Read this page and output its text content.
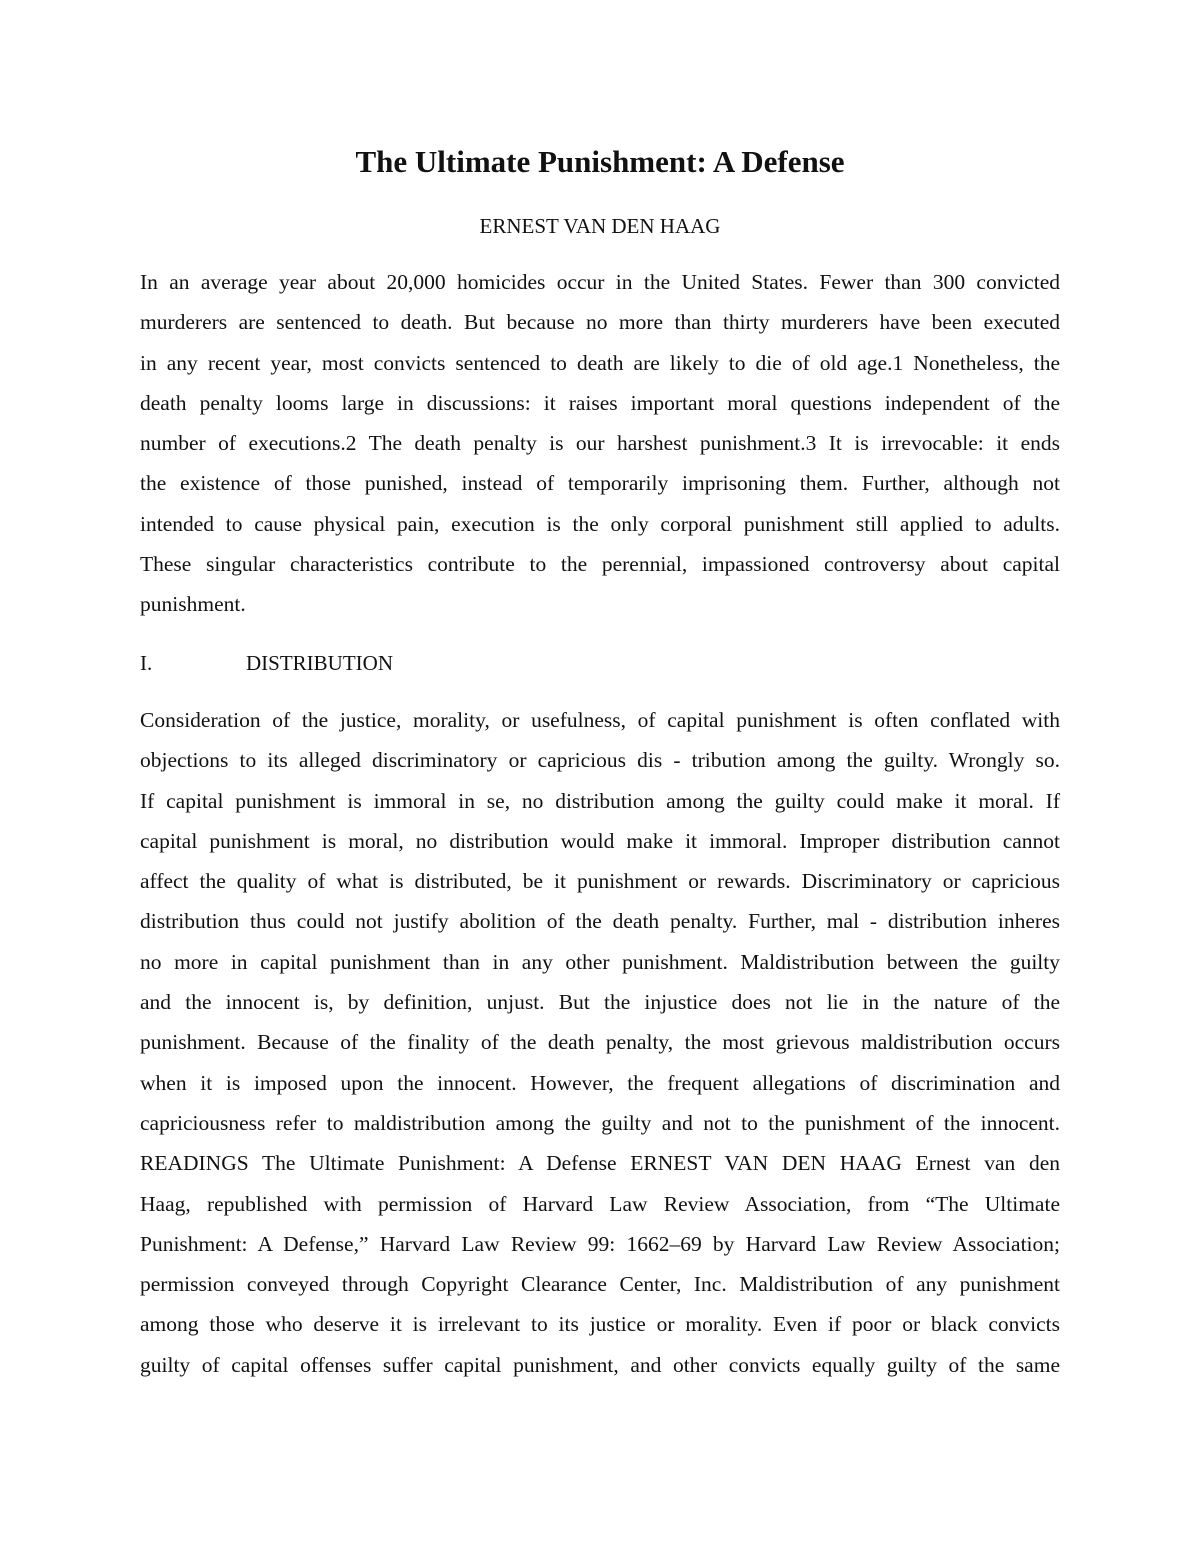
The Ultimate Punishment: A Defense

ERNEST VAN DEN HAAG

In an average year about 20,000 homicides occur in the United States. Fewer than 300 convicted
murderers are sentenced to death. But because no more than thirty murderers have been executed
in any recent year, most convicts sentenced to death are likely to die of old age.1 Nonetheless, the
death penalty looms large in discussions: it raises important moral questions independent of the
number of executions.2 The death penalty is our harshest punishment.3 It is irrevocable: it ends
the existence of those punished, instead of temporarily imprisoning them. Further, although not
intended to cause physical pain, execution is the only corporal punishment still applied to adults.
These singular characteristics contribute to the perennial, impassioned controversy about capital
punishment.

I.	DISTRIBUTION

Consideration of the justice, morality, or usefulness, of capital punishment is often conflated with
objections to its alleged discriminatory or capricious dis - tribution among the guilty. Wrongly so.
If capital punishment is immoral in se, no distribution among the guilty could make it moral. If
capital punishment is moral, no distribution would make it immoral. Improper distribution cannot
affect the quality of what is distributed, be it punishment or rewards. Discriminatory or capricious
distribution thus could not justify abolition of the death penalty. Further, mal - distribution inheres
no more in capital punishment than in any other punishment. Maldistribution between the guilty
and the innocent is, by definition, unjust. But the injustice does not lie in the nature of the
punishment. Because of the finality of the death penalty, the most grievous maldistribution occurs
when it is imposed upon the innocent. However, the frequent allegations of discrimination and
capriciousness refer to maldistribution among the guilty and not to the punishment of the innocent.
READINGS The Ultimate Punishment: A Defense ERNEST VAN DEN HAAG Ernest van den
Haag, republished with permission of Harvard Law Review Association, from “The Ultimate
Punishment: A Defense,” Harvard Law Review 99: 1662–69 by Harvard Law Review Association;
permission conveyed through Copyright Clearance Center, Inc. Maldistribution of any punishment
among those who deserve it is irrelevant to its justice or morality. Even if poor or black convicts
guilty of capital offenses suffer capital punishment, and other convicts equally guilty of the same
